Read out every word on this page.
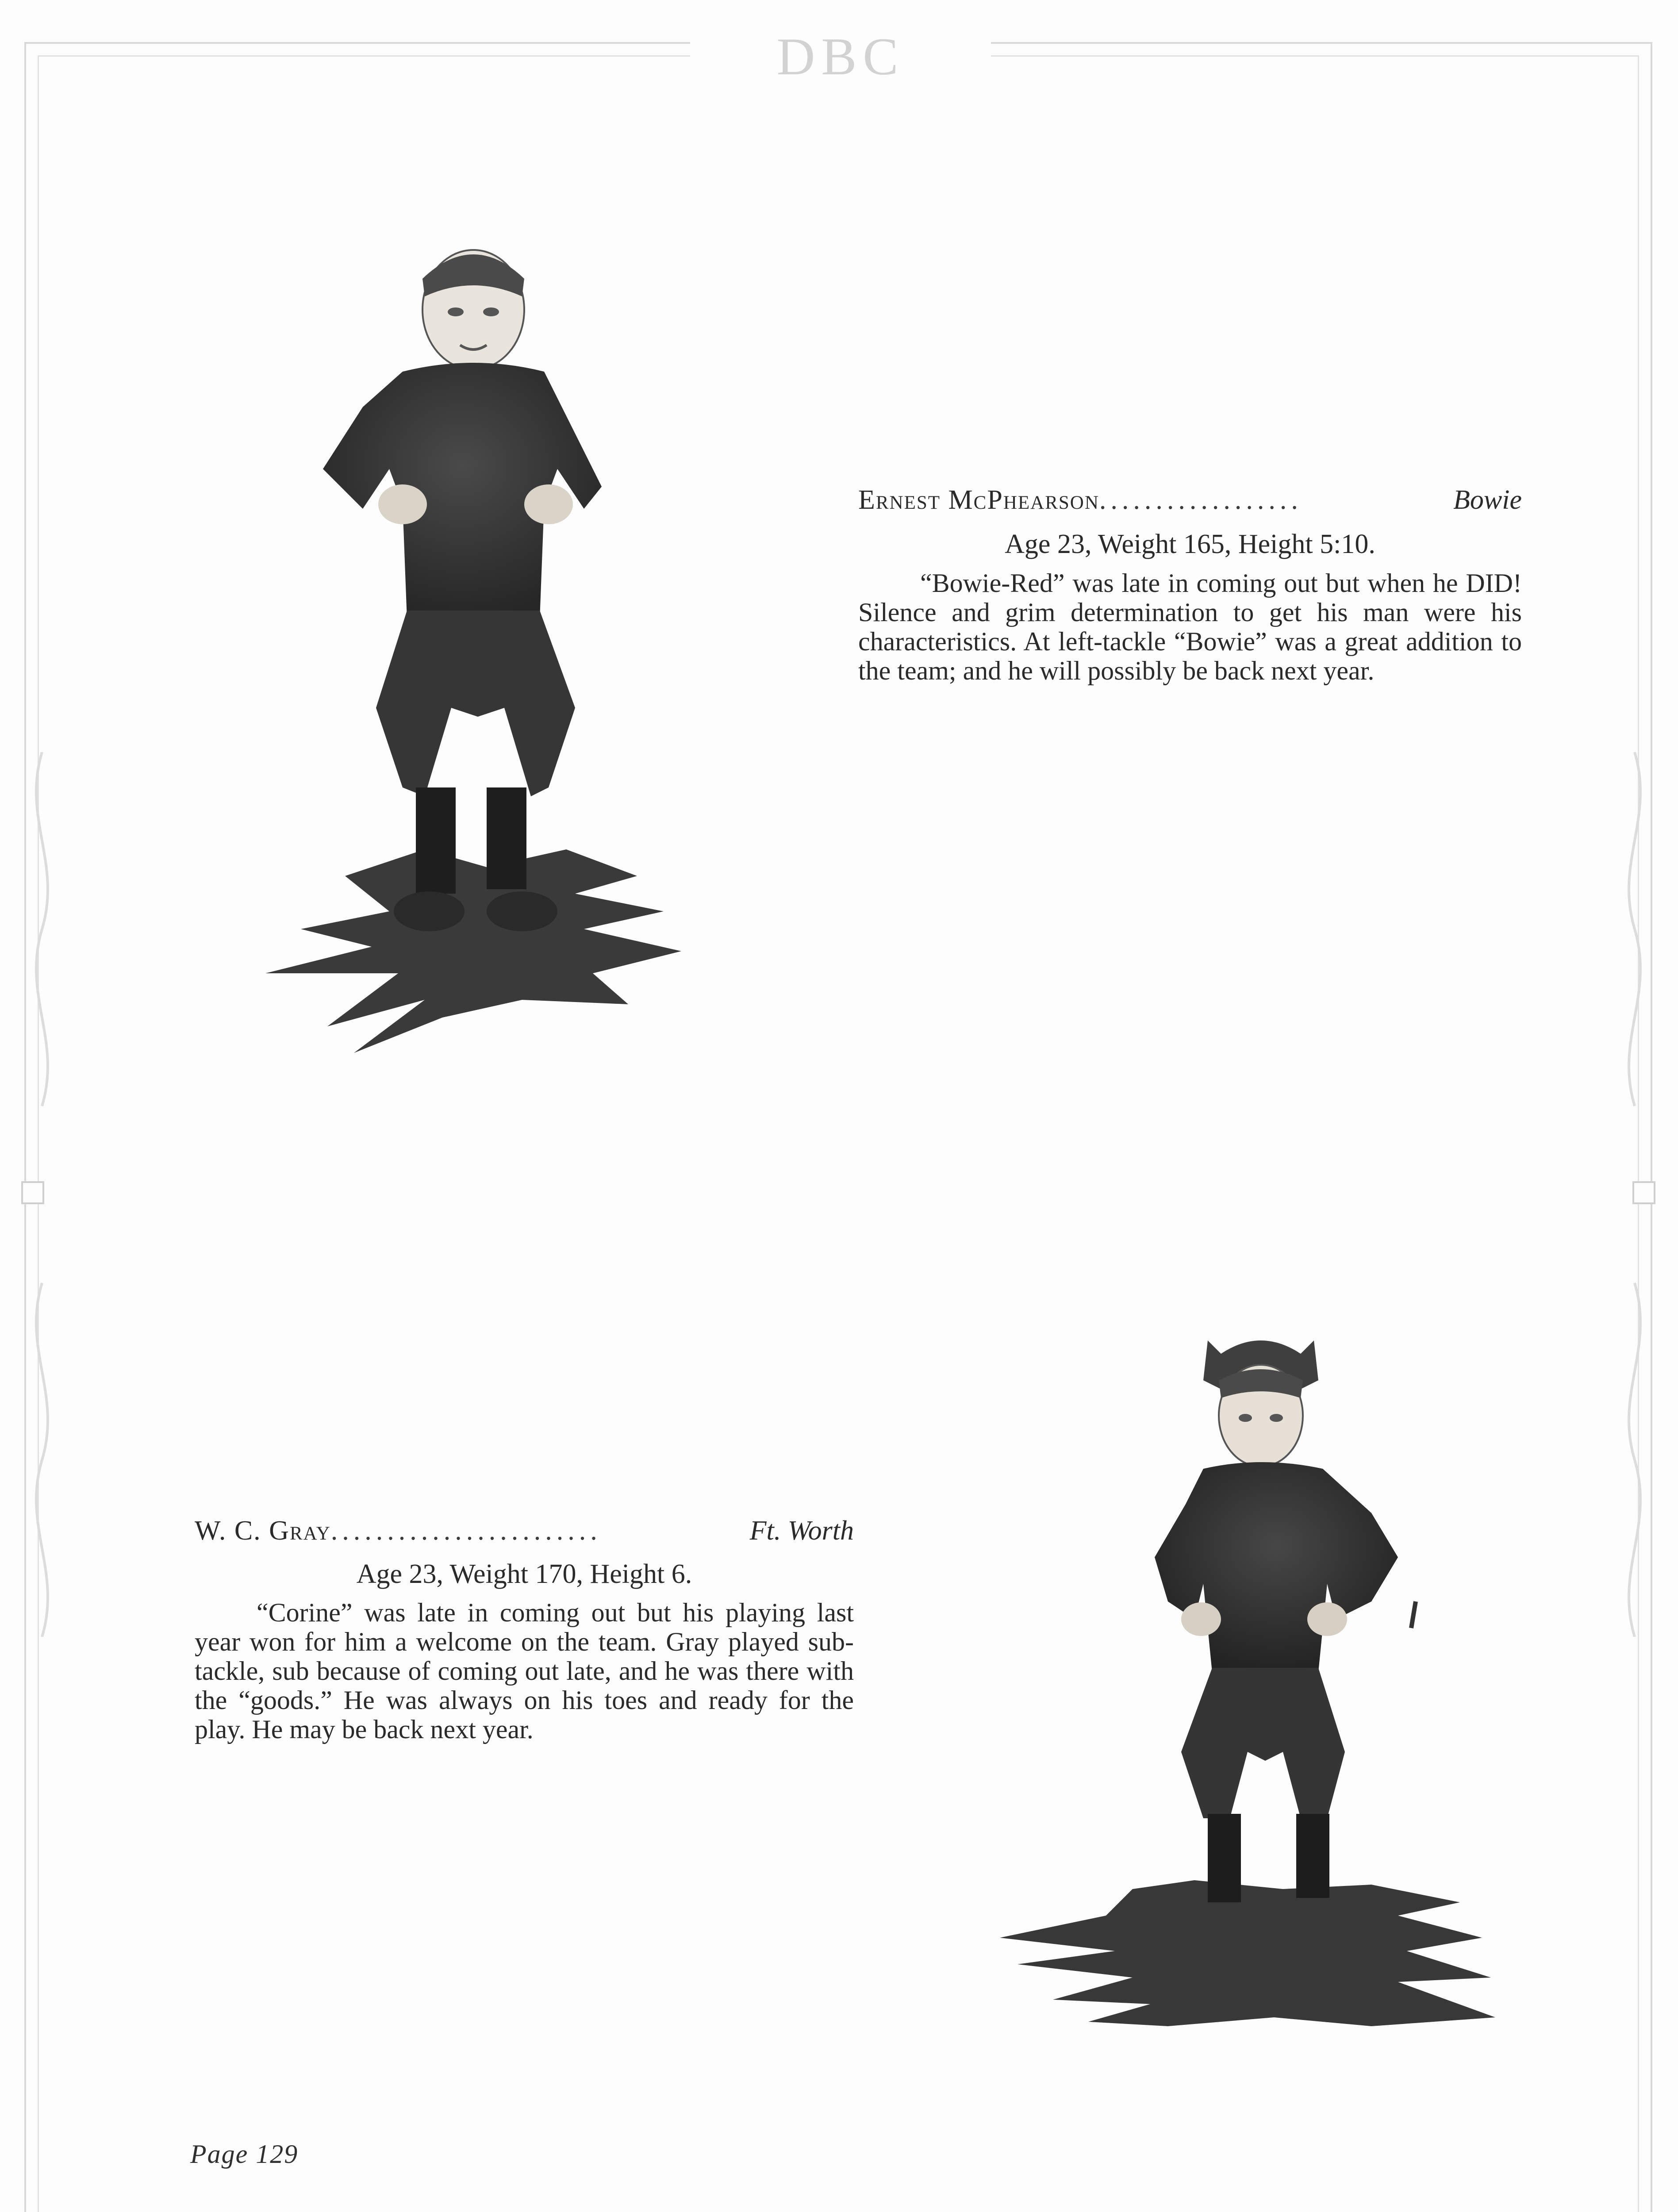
DBC
Ernest McPhearson ..................	Bowie
Age 23, Weight 165, Height 5:10.

“Bowie-Red” was late in coming out but when he DID! Silence and grim determination to get his man were his characteristics. At left-tackle “Bowie” was a great addition to the team; and he will possibly be back next year.

W. C. Gray ........................	Ft. Worth
Age 23, Weight 170, Height 6.

“Corine” was late in coming out but his playing last year won for him a welcome on the team. Gray played sub-tackle, sub because of coming out late, and he was there with the “goods.” He was always on his toes and ready for the play. He may be back next year.

Page 129
